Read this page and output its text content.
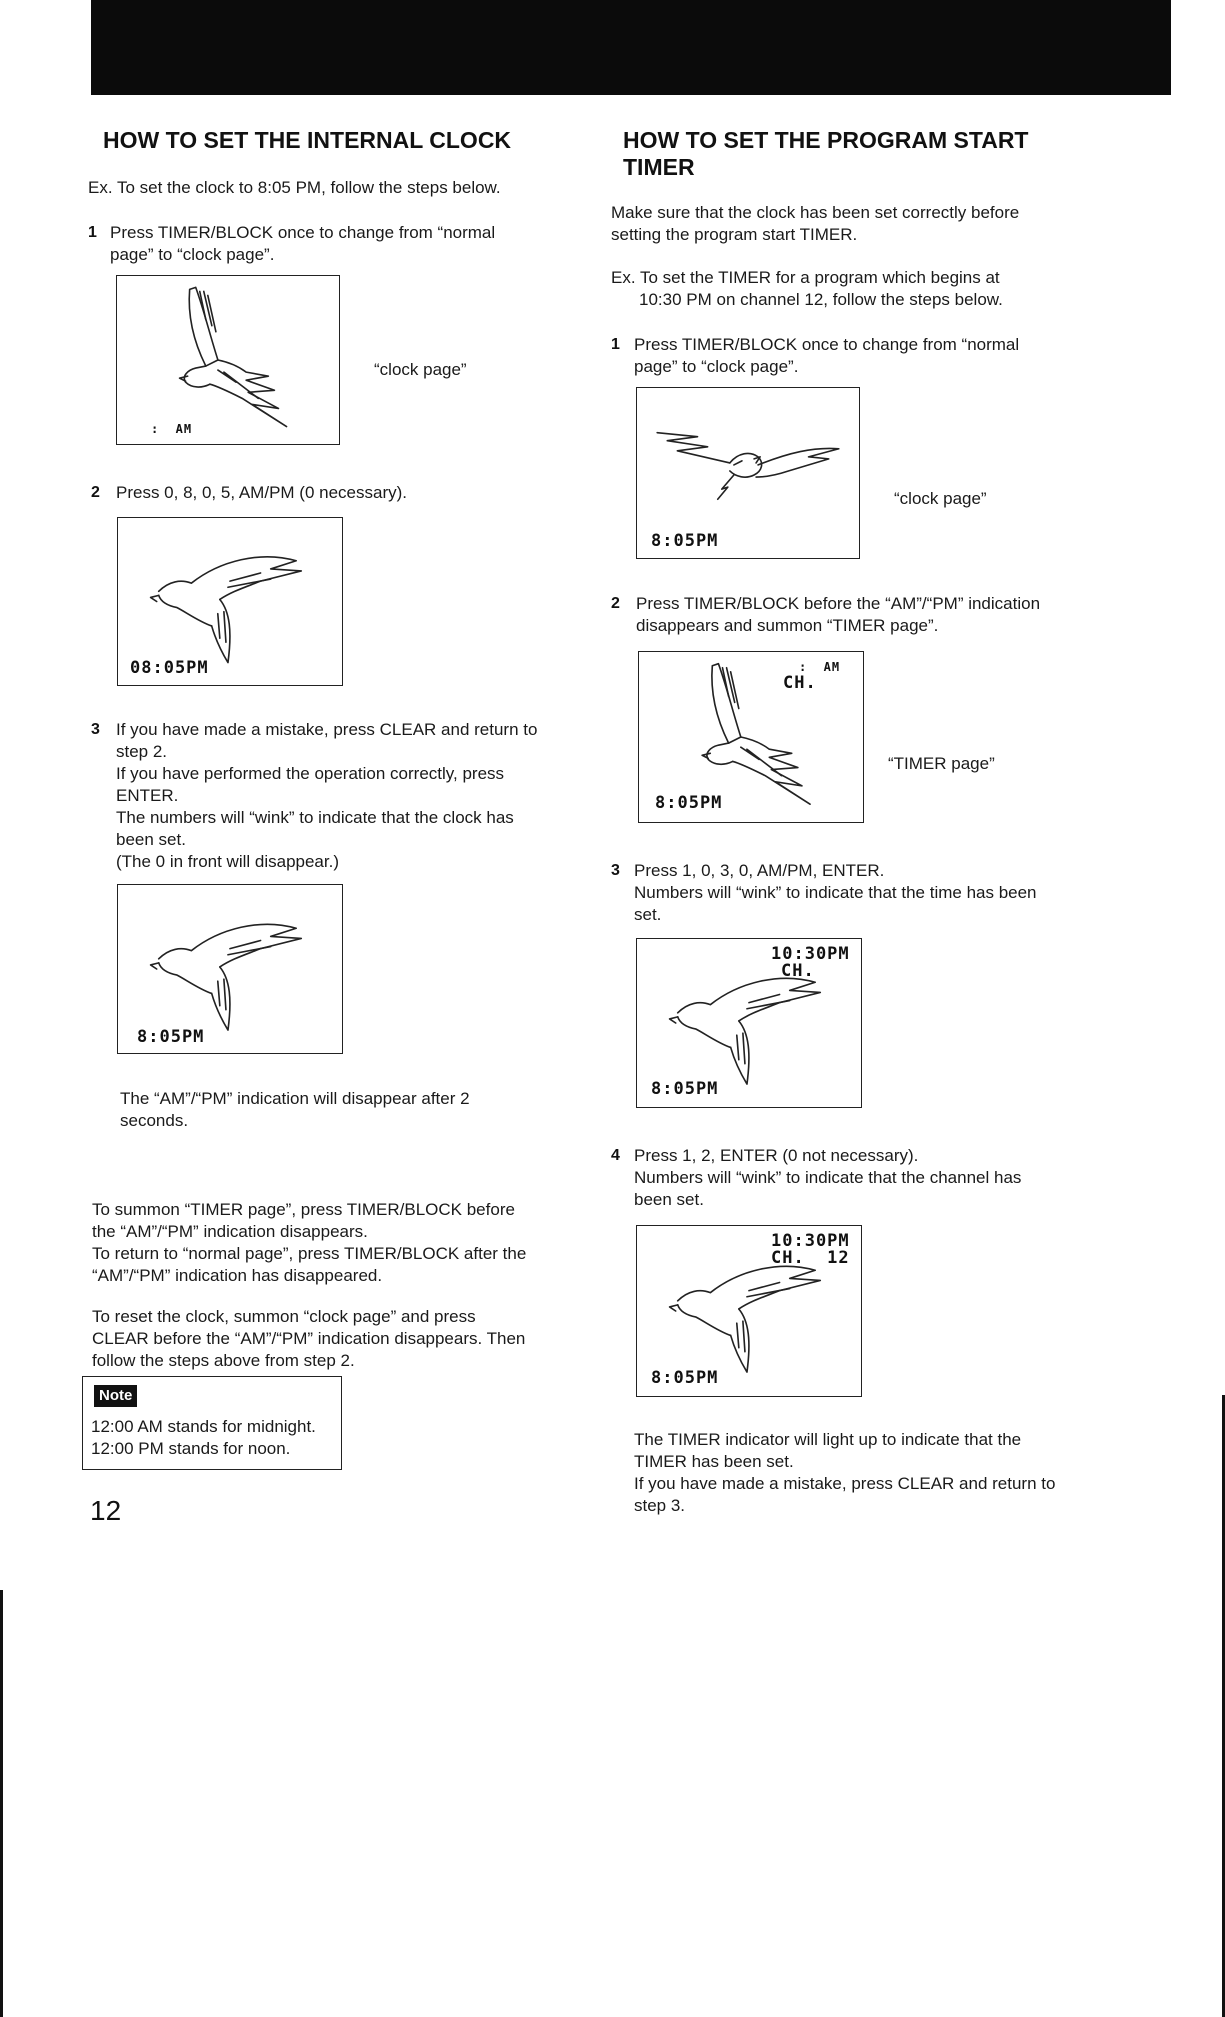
HOW TO SET THE INTERNAL CLOCK
Ex. To set the clock to 8:05 PM, follow the steps below.
1 Press TIMER/BLOCK once to change from “normal
page” to “clock page”.
:  AM
“clock page”
2 Press 0, 8, 0, 5, AM/PM (0 necessary).
08:05PM
3 If you have made a mistake, press CLEAR and return to
step 2.
If you have performed the operation correctly, press
ENTER.
The numbers will “wink” to indicate that the clock has
been set.
(The 0 in front will disappear.)
8:05PM
The “AM”/“PM” indication will disappear after 2
seconds.
To summon “TIMER page”, press TIMER/BLOCK before
the “AM”/“PM” indication disappears.
To return to “normal page”, press TIMER/BLOCK after the
“AM”/“PM” indication has disappeared.
To reset the clock, summon “clock page” and press
CLEAR before the “AM”/“PM” indication disappears. Then
follow the steps above from step 2.
Note
12:00 AM stands for midnight.
12:00 PM stands for noon.
12
HOW TO SET THE PROGRAM START
TIMER
Make sure that the clock has been set correctly before
setting the program start TIMER.
Ex. To set the TIMER for a program which begins at
10:30 PM on channel 12, follow the steps below.
1 Press TIMER/BLOCK once to change from “normal
page” to “clock page”.
8:05PM
“clock page”
2 Press TIMER/BLOCK before the “AM”/“PM” indication
disappears and summon “TIMER page”.
:  AM
CH.
8:05PM
“TIMER page”
3 Press 1, 0, 3, 0, AM/PM, ENTER.
Numbers will “wink” to indicate that the time has been
set.
10:30PM
CH.
8:05PM
4 Press 1, 2, ENTER (0 not necessary).
Numbers will “wink” to indicate that the channel has
been set.
10:30PM
CH.  12
8:05PM
The TIMER indicator will light up to indicate that the
TIMER has been set.
If you have made a mistake, press CLEAR and return to
step 3.
